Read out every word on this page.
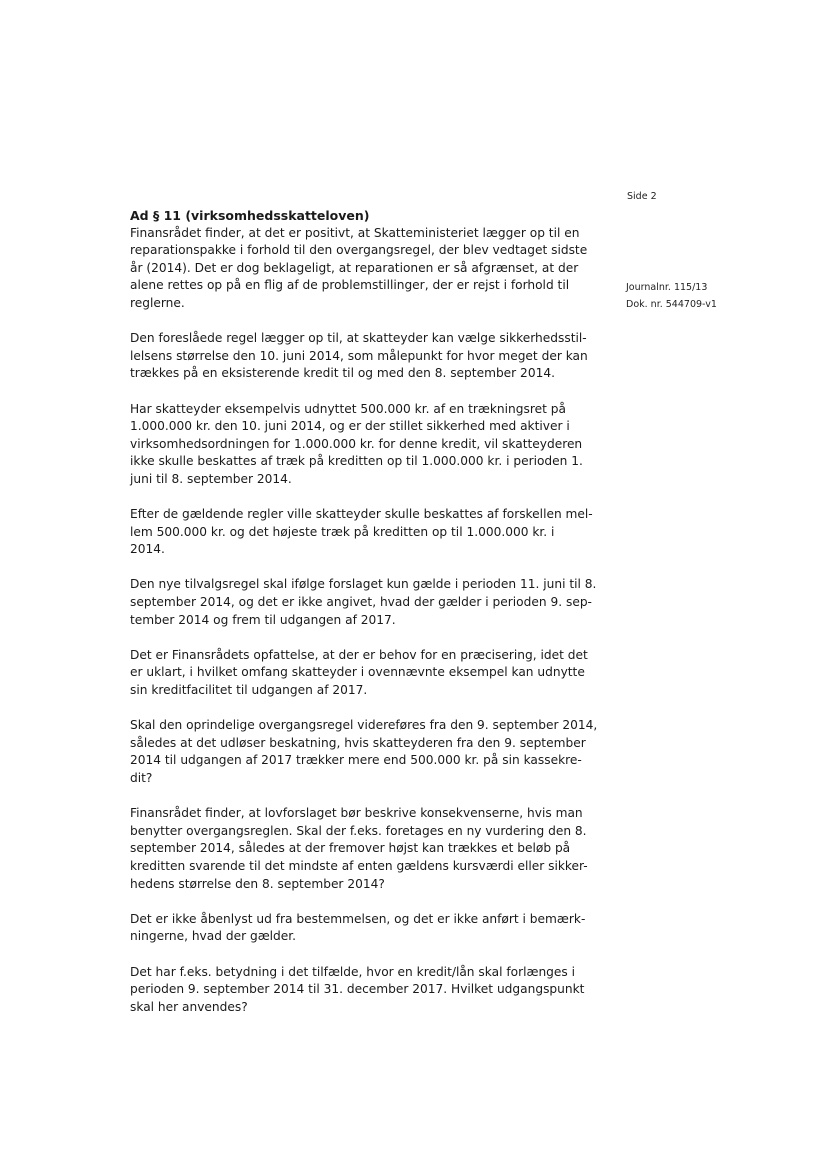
Side 2
Journalnr. 115/13
Dok. nr. 544709-v1
Ad § 11 (virksomhedsskatteloven)
Finansrådet finder, at det er positivt, at Skatteministeriet lægger op til en
reparationspakke i forhold til den overgangsregel, der blev vedtaget sidste
år (2014). Det er dog beklageligt, at reparationen er så afgrænset, at der
alene rettes op på en flig af de problemstillinger, der er rejst i forhold til
reglerne.
Den foreslåede regel lægger op til, at skatteyder kan vælge sikkerhedsstil-
lelsens størrelse den 10. juni 2014, som målepunkt for hvor meget der kan
trækkes på en eksisterende kredit til og med den 8. september 2014.
Har skatteyder eksempelvis udnyttet 500.000 kr. af en trækningsret på
1.000.000 kr. den 10. juni 2014, og er der stillet sikkerhed med aktiver i
virksomhedsordningen for 1.000.000 kr. for denne kredit, vil skatteyderen
ikke skulle beskattes af træk på kreditten op til 1.000.000 kr. i perioden 1.
juni til 8. september 2014.
Efter de gældende regler ville skatteyder skulle beskattes af forskellen mel-
lem 500.000 kr. og det højeste træk på kreditten op til 1.000.000 kr. i
2014.
Den nye tilvalgsregel skal ifølge forslaget kun gælde i perioden 11. juni til 8.
september 2014, og det er ikke angivet, hvad der gælder i perioden 9. sep-
tember 2014 og frem til udgangen af 2017.
Det er Finansrådets opfattelse, at der er behov for en præcisering, idet det
er uklart, i hvilket omfang skatteyder i ovennævnte eksempel kan udnytte
sin kreditfacilitet til udgangen af 2017.
Skal den oprindelige overgangsregel videreføres fra den 9. september 2014,
således at det udløser beskatning, hvis skatteyderen fra den 9. september
2014 til udgangen af 2017 trækker mere end 500.000 kr. på sin kassekre-
dit?
Finansrådet finder, at lovforslaget bør beskrive konsekvenserne, hvis man
benytter overgangsreglen. Skal der f.eks. foretages en ny vurdering den 8.
september 2014, således at der fremover højst kan trækkes et beløb på
kreditten svarende til det mindste af enten gældens kursværdi eller sikker-
hedens størrelse den 8. september 2014?
Det er ikke åbenlyst ud fra bestemmelsen, og det er ikke anført i bemærk-
ningerne, hvad der gælder.
Det har f.eks. betydning i det tilfælde, hvor en kredit/lån skal forlænges i
perioden 9. september 2014 til 31. december 2017. Hvilket udgangspunkt
skal her anvendes?
